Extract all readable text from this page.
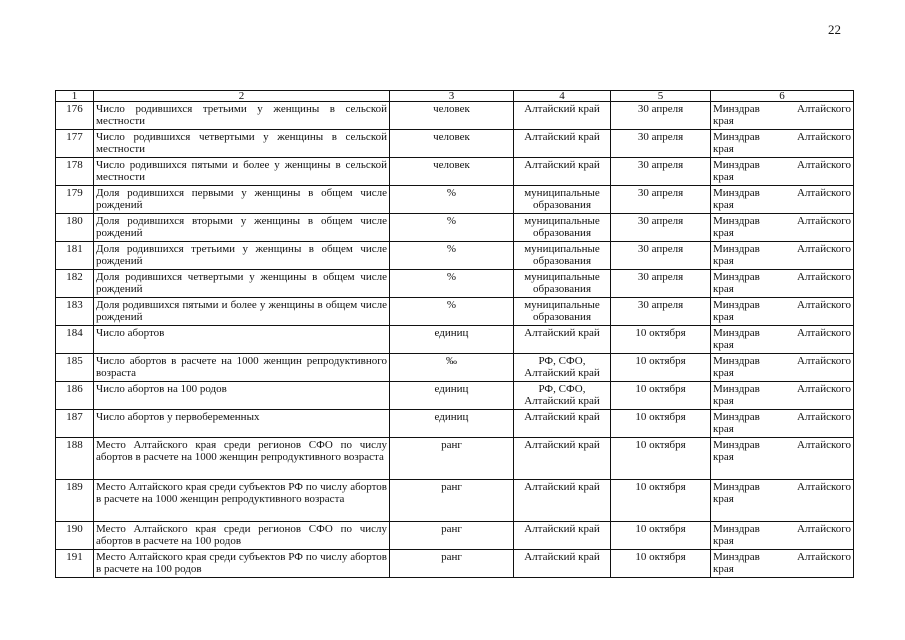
22
1	2	3	4	5	6
176	Число родившихся третьими у женщины в сельской местности	человек	Алтайский край	30 апреля	Минздрав Алтайского
края

177	Число родившихся четвертыми у женщины в сельской местности	человек	Алтайский край	30 апреля	Минздрав Алтайского
края

178	Число родившихся пятыми и более у женщины в сельской местности	человек	Алтайский край	30 апреля	Минздрав Алтайского
края

179	Доля родившихся первыми у женщины в общем числе рождений	%	муниципальные образования	30 апреля	Минздрав Алтайского
края

180	Доля родившихся вторыми у женщины в общем числе рождений	%	муниципальные образования	30 апреля	Минздрав Алтайского
края

181	Доля родившихся третьими у женщины в общем числе рождений	%	муниципальные образования	30 апреля	Минздрав Алтайского
края

182	Доля родившихся четвертыми у женщины в общем числе рождений	%	муниципальные образования	30 апреля	Минздрав Алтайского
края

183	Доля родившихся пятыми и более у женщины в общем числе рождений	%	муниципальные образования	30 апреля	Минздрав Алтайского
края

184	Число абортов	единиц	Алтайский край	10 октября	Минздрав Алтайского
края

185	Число абортов в расчете на 1000 женщин репродуктивного возраста	‰	РФ, СФО, Алтайский край	10 октября	Минздрав Алтайского
края

186	Число абортов на 100 родов	единиц	РФ, СФО, Алтайский край	10 октября	Минздрав Алтайского
края

187	Число абортов у первобеременных	единиц	Алтайский край	10 октября	Минздрав Алтайского
края

188	Место Алтайского края среди регионов СФО по числу абортов в расчете на 1000 женщин репродуктивного возраста	ранг	Алтайский край	10 октября	Минздрав Алтайского
края

189	Место Алтайского края среди субъектов РФ по числу абортов в расчете на 1000 женщин репродуктивного возраста	ранг	Алтайский край	10 октября	Минздрав Алтайского
края

190	Место Алтайского края среди регионов СФО по числу абортов в расчете на 100 родов	ранг	Алтайский край	10 октября	Минздрав Алтайского
края

191	Место Алтайского края среди субъектов РФ по числу абортов в расчете на 100 родов	ранг	Алтайский край	10 октября	Минздрав Алтайского
края
